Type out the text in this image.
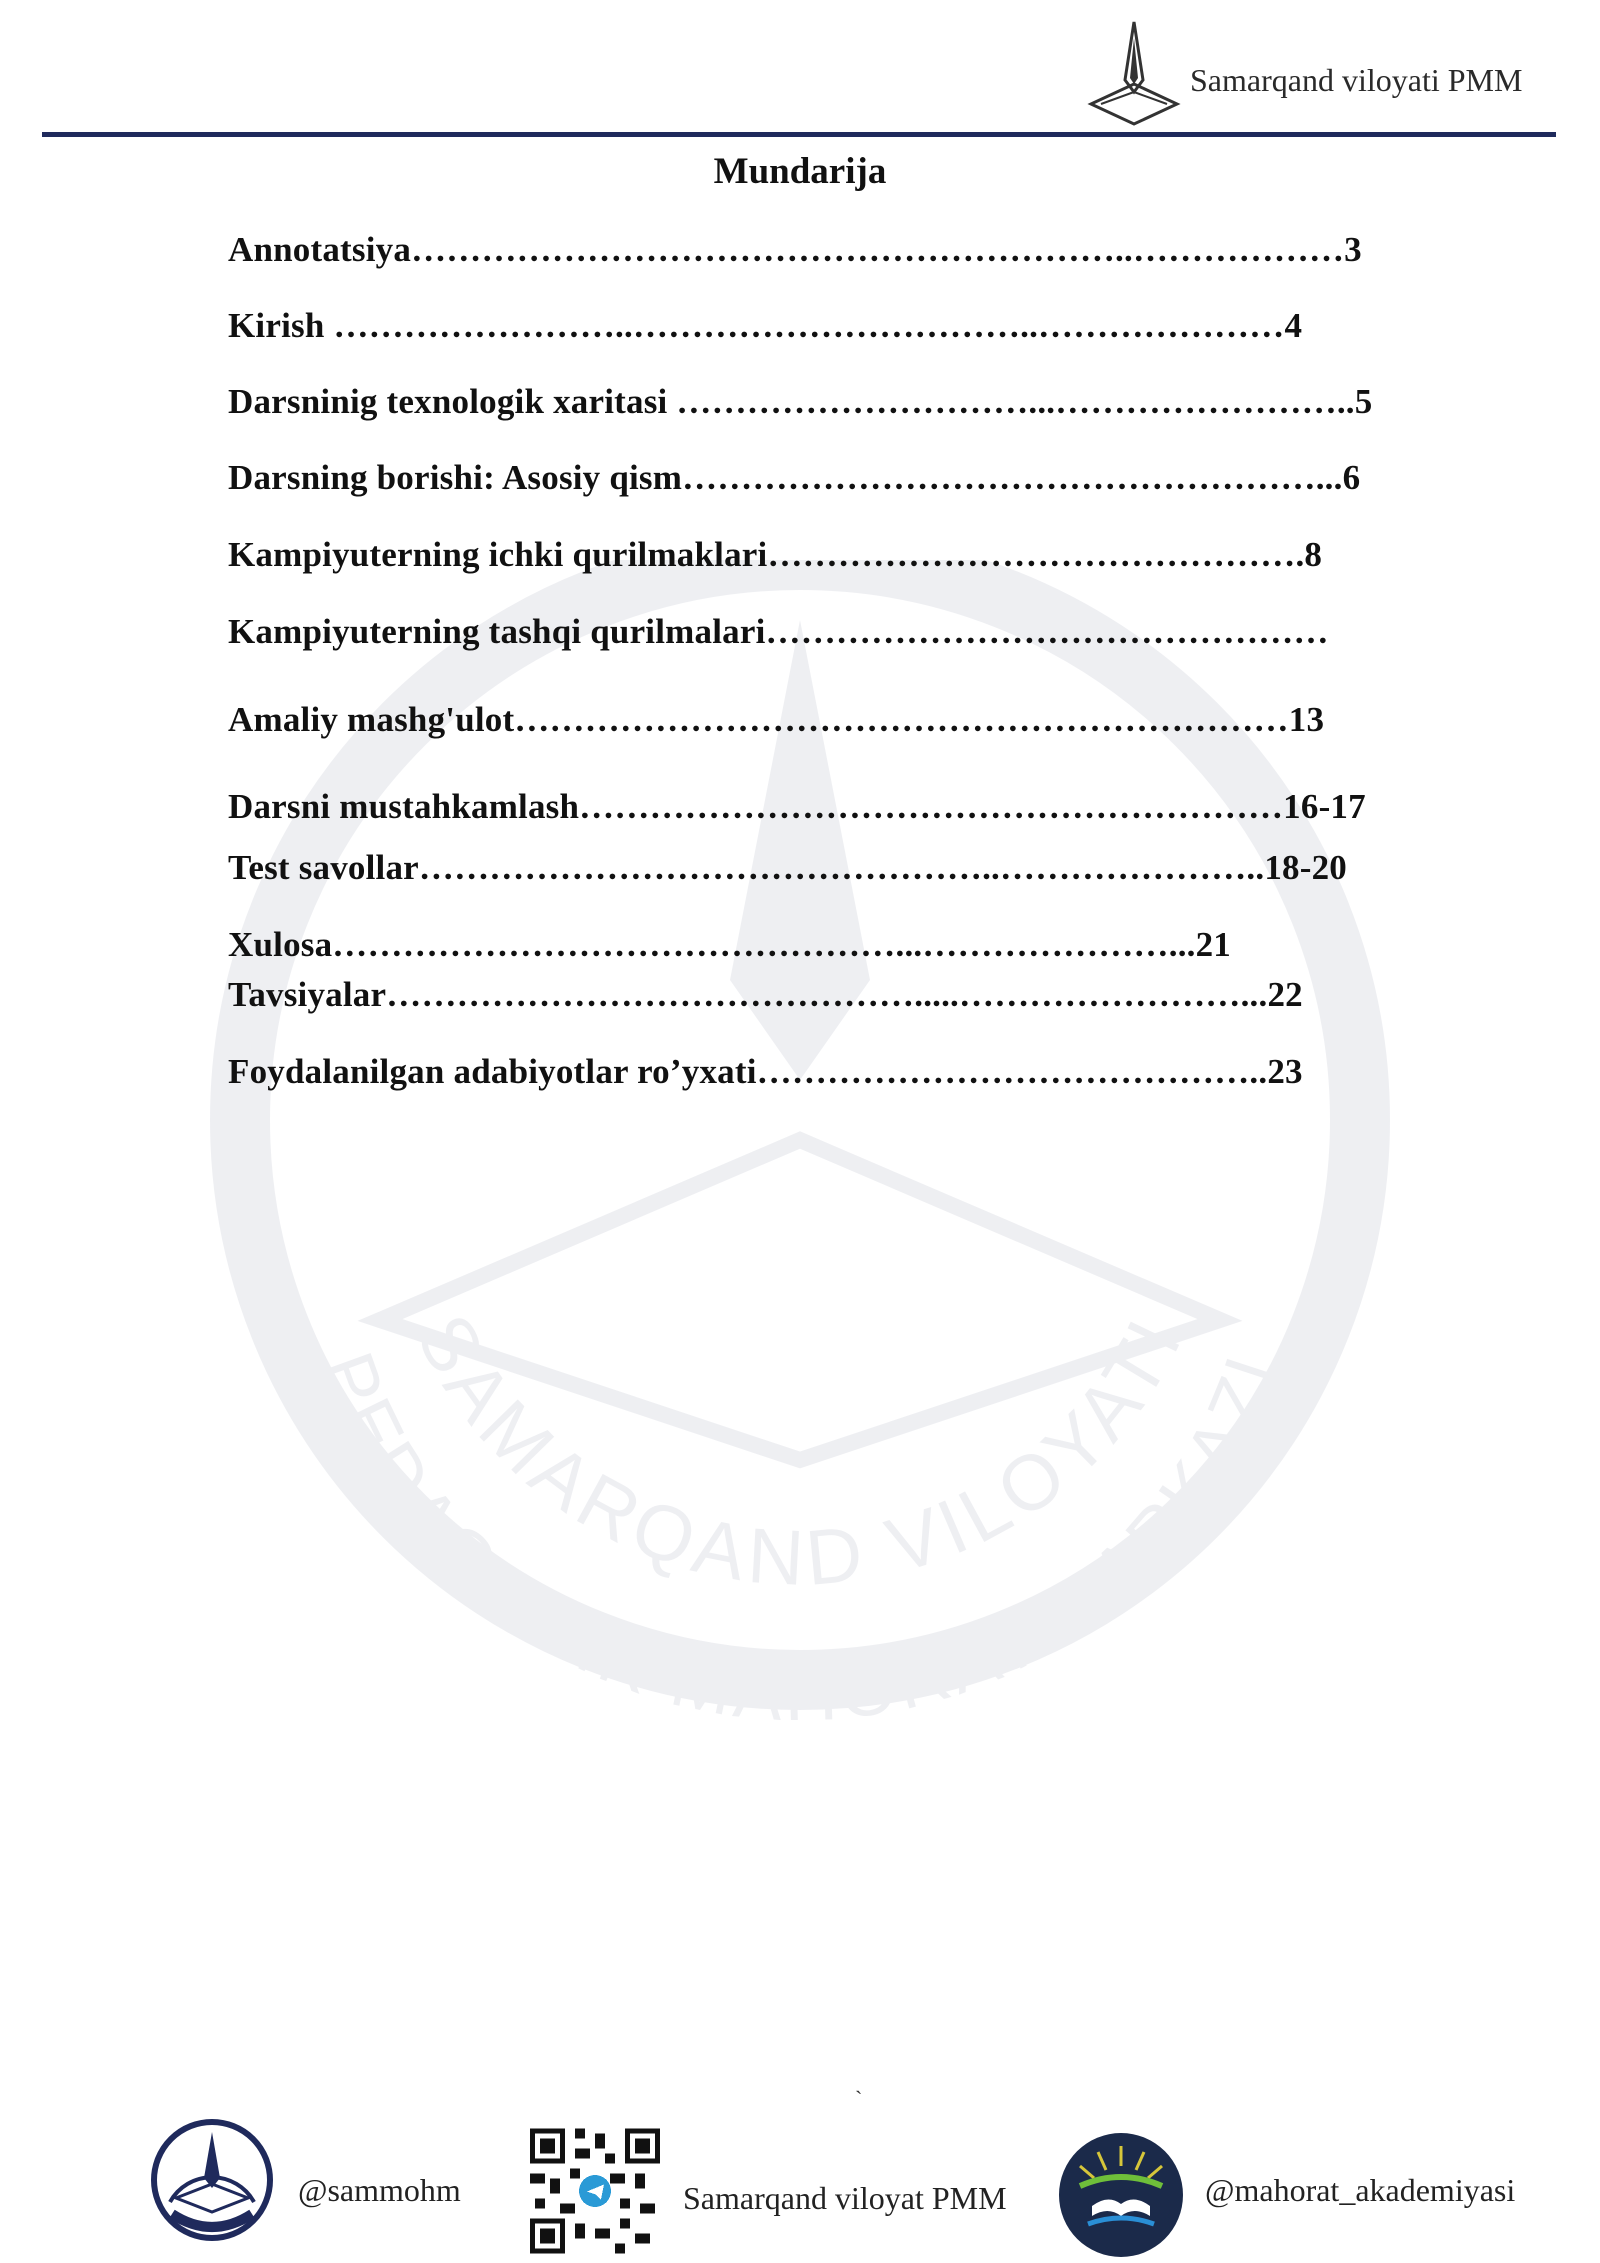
Samarqand viloyati PMM
SAMARQAND VILOYATI
PEDAGOGIK MAHORAT MARKAZI
Mundarija
Annotatsiya……………………………………………………..………………3
Kirish ……………………..……………………………..…………………4
Darsninig texnologik xaritasi …………………………...……………………..5
Darsning borishi: Asosiy qism………………………………………………...6
Kampiyuterning ichki qurilmaklari……………………………………….8
Kampiyuterning tashqi qurilmalari…………………………………………
Amaliy mashg'ulot…………………………………………………………13
Darsni mustahkamlash……………………………………………………16-17
Test savollar…………………………………………..…………………..18-20
Xulosa…………………………………………...…………………...21
Tavsiyalar……………………………………….....……………………...22
Foydalanilgan adabiyotlar ro’yxati……………………………………..23
`
@sammohm	Samarqand viloyat PMM	@mahorat_akademiyasi
